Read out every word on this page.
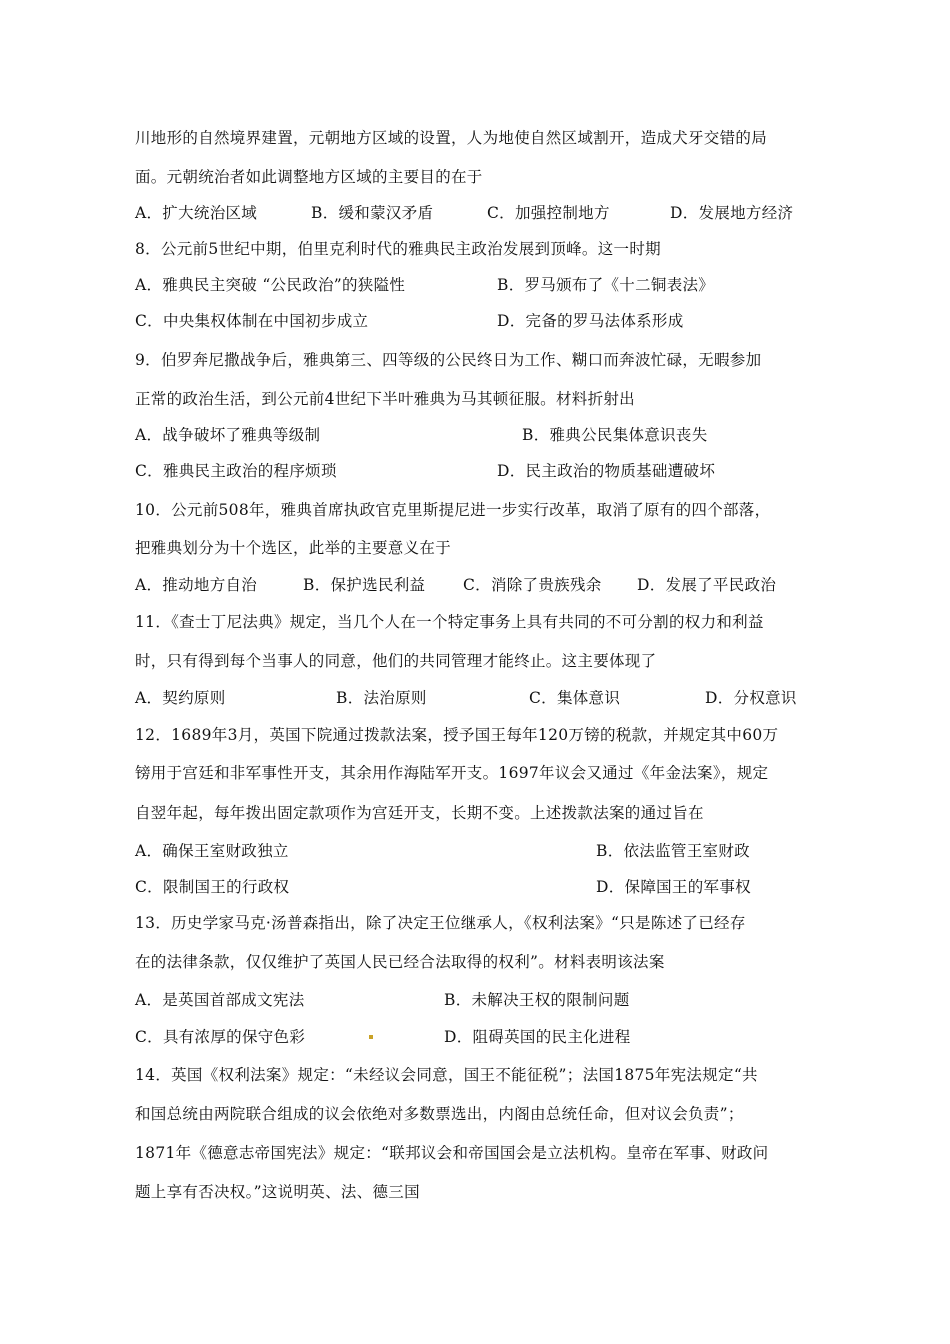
川地形的自然境界建置，元朝地方区域的设置，人为地使自然区域割开，造成犬牙交错的局
面。元朝统治者如此调整地方区域的主要目的在于
A．扩大统治区域	B．缓和蒙汉矛盾	C．加强控制地方	D．发展地方经济
8．公元前5世纪中期，伯里克利时代的雅典民主政治发展到顶峰。这一时期
A．雅典民主突破 “公民政治”的狭隘性	B．罗马颁布了《十二铜表法》
C．中央集权体制在中国初步成立	D．完备的罗马法体系形成
9．伯罗奔尼撒战争后，雅典第三、四等级的公民终日为工作、糊口而奔波忙碌，无暇参加
正常的政治生活，到公元前4世纪下半叶雅典为马其顿征服。材料折射出
A．战争破坏了雅典等级制	B．雅典公民集体意识丧失
C．雅典民主政治的程序烦琐	D．民主政治的物质基础遭破坏
10．公元前508年，雅典首席执政官克里斯提尼进一步实行改革，取消了原有的四个部落，
把雅典划分为十个选区，此举的主要意义在于
A．推动地方自治	B．保护选民利益 C．消除了贵族残余 D．发展了平民政治
11．《查士丁尼法典》规定，当几个人在一个特定事务上具有共同的不可分割的权力和利益
时，只有得到每个当事人的同意，他们的共同管理才能终止。这主要体现了
A．契约原则	B．法治原则	C．集体意识	D．分权意识
12．1689年3月，英国下院通过拨款法案，授予国王每年120万镑的税款，并规定其中60万
镑用于宫廷和非军事性开支，其余用作海陆军开支。1697年议会又通过《年金法案》，规定
自翌年起，每年拨出固定款项作为宫廷开支，长期不变。上述拨款法案的通过旨在
A．确保王室财政独立	B．依法监管王室财政
C．限制国王的行政权	D．保障国王的军事权
13．历史学家马克·汤普森指出，除了决定王位继承人，《权利法案》“只是陈述了已经存
在的法律条款，仅仅维护了英国人民已经合法取得的权利”。材料表明该法案
A．是英国首部成文宪法	B．未解决王权的限制问题
C．具有浓厚的保守色彩	D．阻碍英国的民主化进程
14．英国《权利法案》规定：“未经议会同意，国王不能征税”；法国1875年宪法规定“共
和国总统由两院联合组成的议会依绝对多数票选出，内阁由总统任命，但对议会负责”；
1871年《德意志帝国宪法》规定：“联邦议会和帝国国会是立法机构。皇帝在军事、财政问
题上享有否决权。”这说明英、法、德三国
